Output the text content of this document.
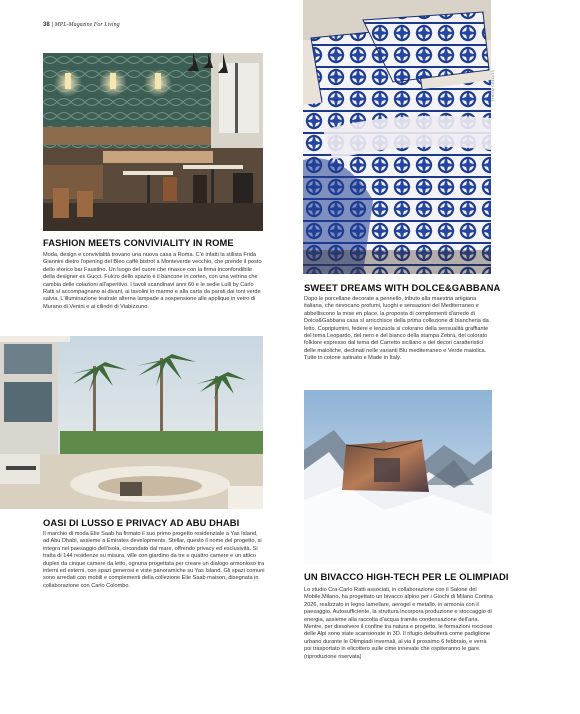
38 | MPL-Magazine For Living
PHOTO CREDITS
FASHION MEETS CONVIVIALITY IN ROME
Moda, design e convivialità trovano una nuova casa a Roma. C'è infatti la stilista Frida Giannini dietro l'opening del Bleo caffè bistrot a Monteverde vecchio, che prende il posto dello storico bar Faustino. Un luogo del cuore che rinasce con la firma inconfondibile della designer ex Gucci. Fulcro dello spazio è il bancone in corten, con una vetrina che cambia delle colazioni all'aperitivo. I tavoli scandinavi anni 60 e le sedie Lulli by Carlo Ratti si accompagnano ai divani, ai tavolini in marmo e alla carta da parati dai toni verde salvia. L'illuminazione teatrale alterna lampade a sospensione alle applique in vetro di Murano di Venini e ai cilindri di Viabizzuno.
SWEET DREAMS WITH DOLCE&GABBANA
Dopo le porcellane decorate a pennello, tributo alla maestria artigiana italiana, che rievocano profumi, luoghi e sensazioni del Mediterraneo e abbelliscono la mise en place, la proposta di complementi d'arredo di Dolce&Gabbana casa si arricchisce della prima collezione di biancheria da letto. Copripiumini, federe e lenzuola si colorano della sensualità graffiante del tema Leopardo, del nero e del bianco della stampa Zebra, del colorato folklore espresso dal tema del Carretto siciliano e dei decori caratteristici delle maioliche, declinati nelle varianti Blu mediterraneo e Verde maiolica. Tutte in cotone satinato e Made in Italy.
OASI DI LUSSO E PRIVACY AD ABU DHABI
Il marchio di moda Elie Saab ha firmato il suo primo progetto residenziale a Yas Island, ad Abu Dhabi, assieme a Emirates developments. Stellar, questo il nome del progetto, si integra nel paesaggio dell'isola, circondato dal mare, offrendo privacy ed esclusività. Si tratta di 144 residenze su misura, ville con giardino da tre e quattro camere e un attico duplex da cinque camere da letto, ognuna progettata per creare un dialogo armonioso tra interni ed esterni, con spazi generosi e viste panoramiche su Yas Island. Gli spazi comuni sono arredati con mobili e complementi della collezione Elie Saab maison, disegnata in collaborazione con Carlo Colombo.
UN BIVACCO HIGH-TECH PER LE OLIMPIADI
Lo studio Cra-Carlo Ratti associati, in collaborazione con il Salone del Mobile.Milano, ha progettato un bivacco alpino per i Giochi di Milano Cortina 2026, realizzato in legno lamellare, aerogel e metallo, in armonia con il paesaggio. Autosufficiente, la struttura incorpora produzione e stoccaggio di energia, assieme alla raccolta d'acqua tramite condensazione dell'aria. Mentre, per dissolvere il confine tra natura e progetto, le formazioni rocciose delle Alpi sono state scansionate in 3D. Il rifugio debutterà come padiglione urbano durante le Olimpiadi invernali, al via il prossimo 6 febbraio, e verrà poi trasportato in elicottero sulle cime innevate che ospiteranno le gare. (riproduzione riservata)
